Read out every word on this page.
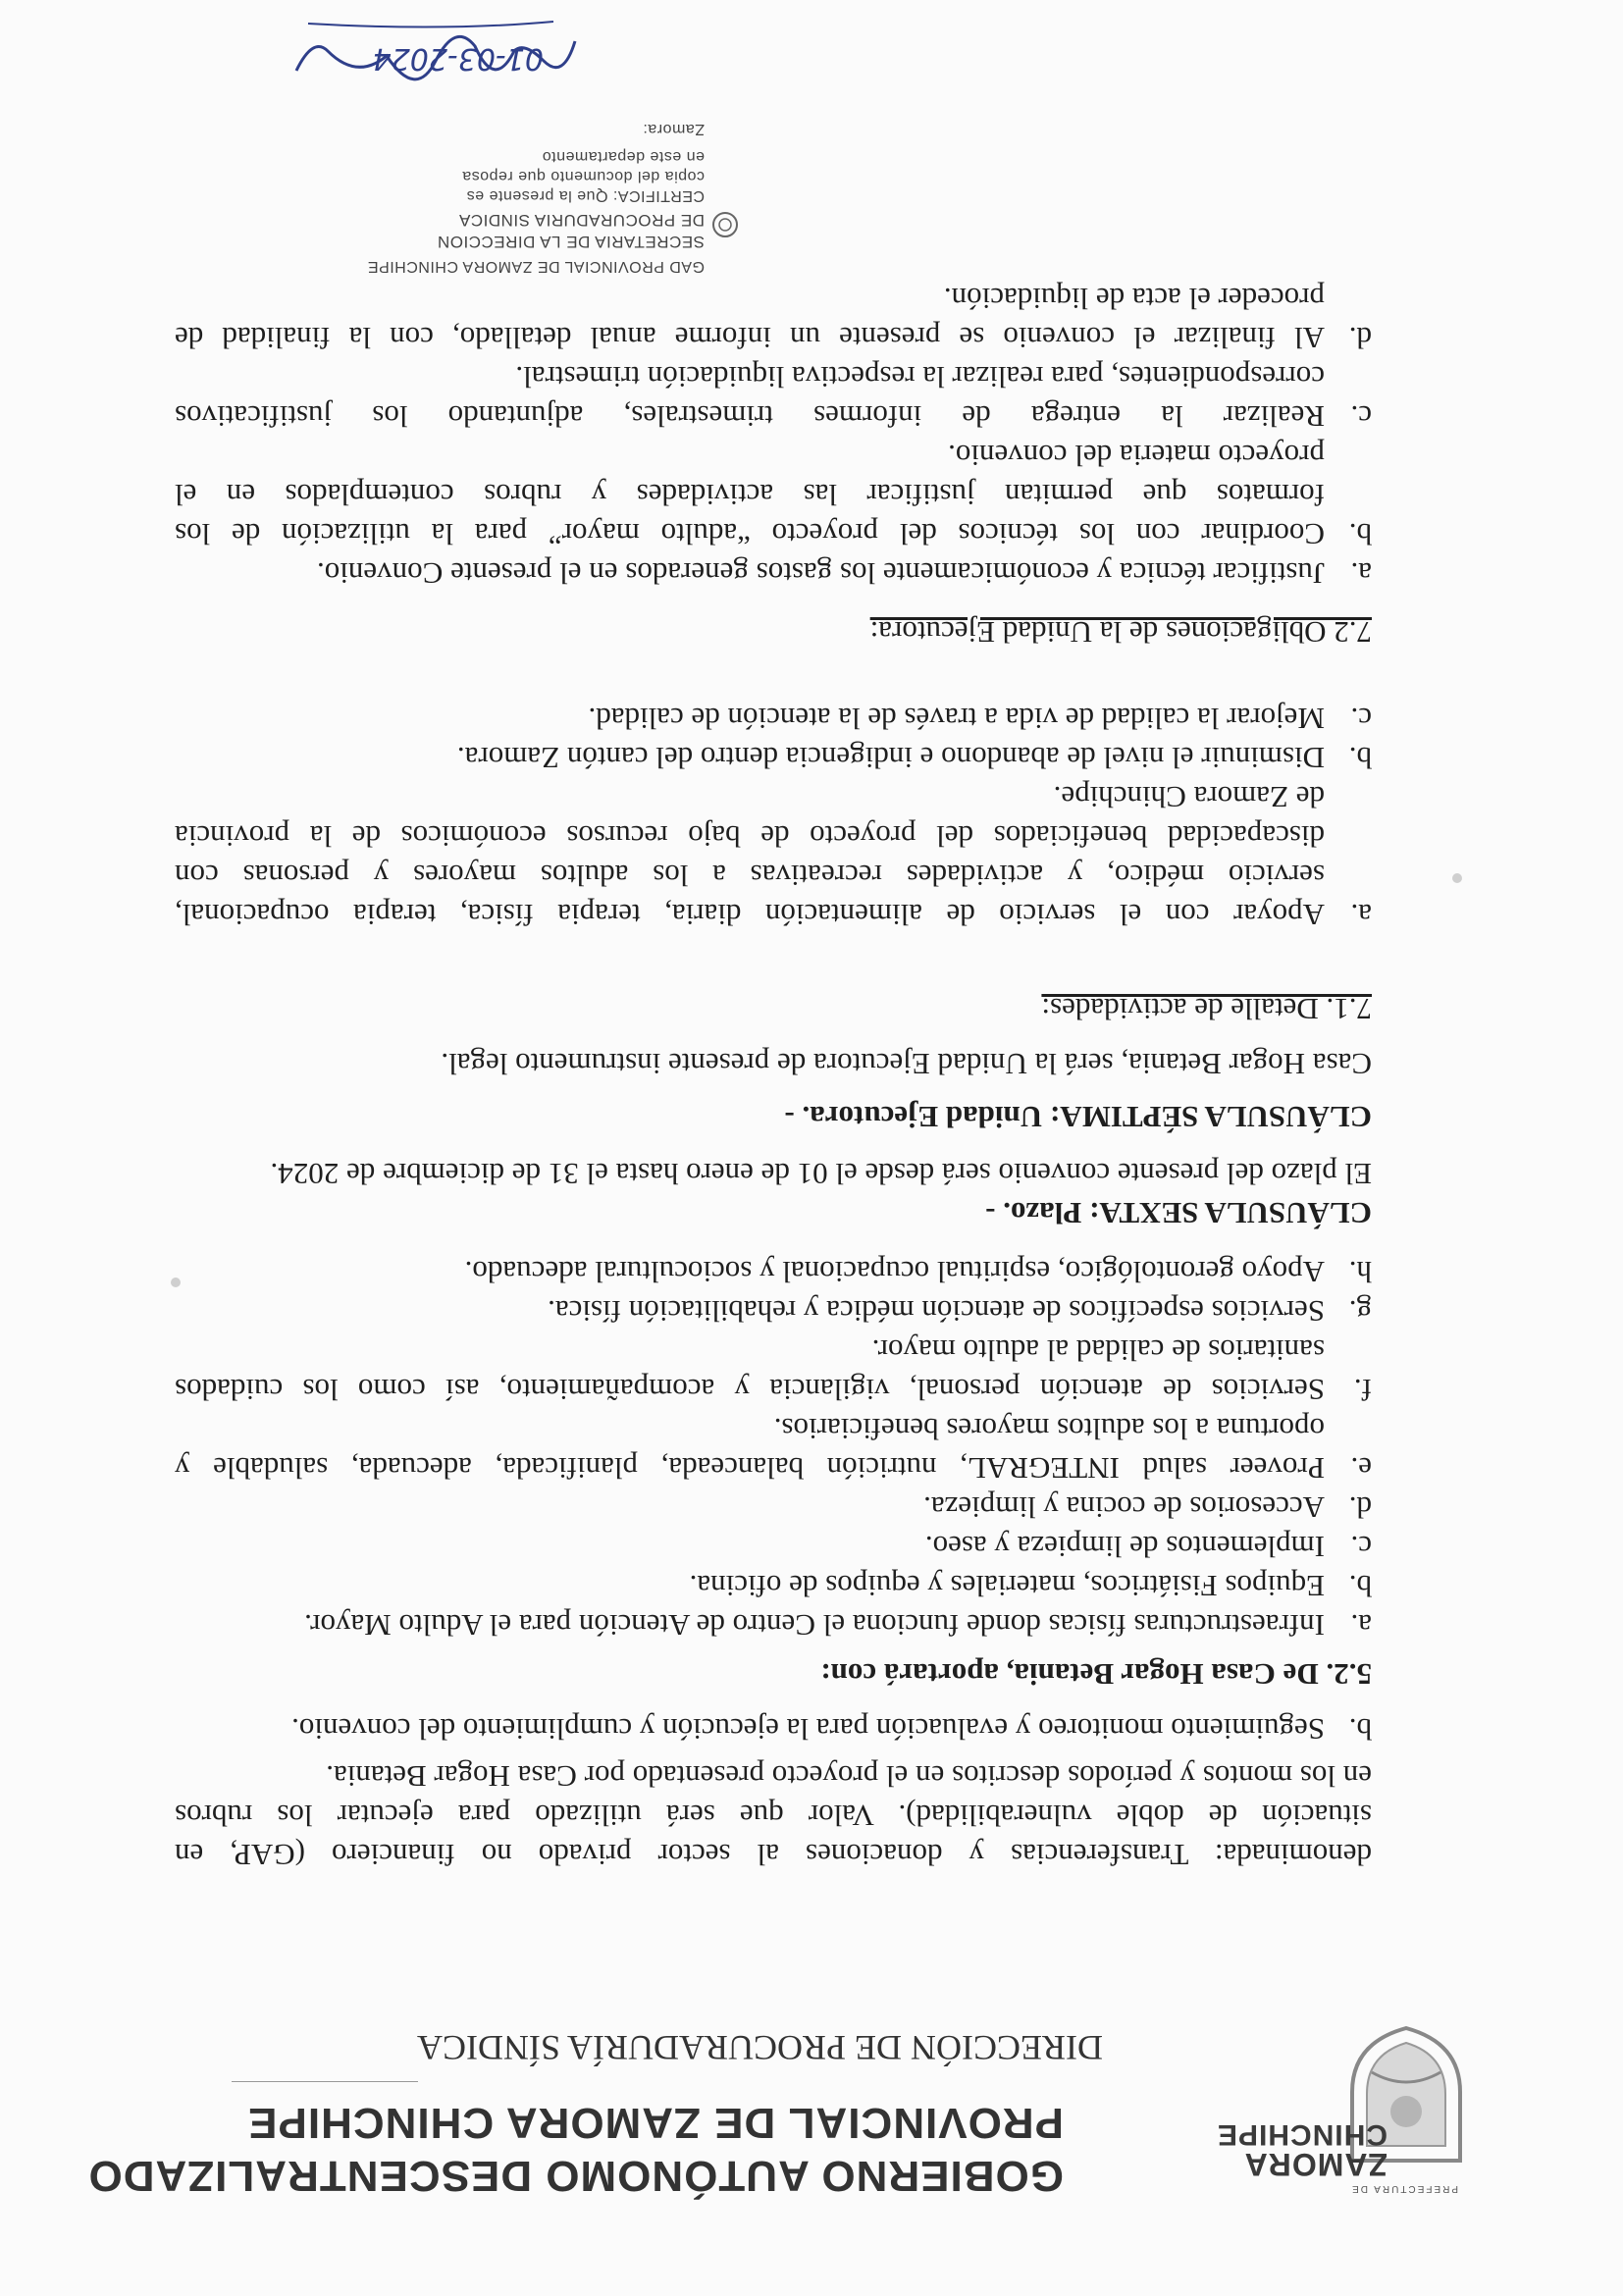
PREFECTURA DE
ZAMORA
CHINCHIPE
GOBIERNO AUTÓNOMO DESCENTRALIZADO
PROVINCIAL DE ZAMORA CHINCHIPE
DIRECCIÓN DE PROCURADURÍA SÍNDICA
denominada: Transferencias y donaciones al sector privado no financiero (GAP, en
situación de doble vulnerabilidad). Valor que será utilizado para ejecutar los rubros
en los montos y períodos descritos en el proyecto presentado por Casa Hogar Betania.
b.
Seguimiento monitoreo y evaluación para la ejecución y cumplimiento del convenio.
5.2. De Casa Hogar Betania, aportará con:
a.
Infraestructuras físicas donde funciona el Centro de Atención para el Adulto Mayor.
b.
Equipos Fisiátricos, materiales y equipos de oficina.
c.
Implementos de limpieza y aseo.
d.
Accesorios de cocina y limpieza.
e.
Proveer salud INTEGRAL, nutrición balanceada, planificada, adecuada, saludable y
oportuna a los adultos mayores beneficiarios.
f.
Servicios de atención personal, vigilancia y acompañamiento, así como los cuidados
sanitarios de calidad al adulto mayor.
g.
Servicios específicos de atención médica y rehabilitación física.
h.
Apoyo gerontológico, espiritual ocupacional y sociocultural adecuado.
CLÁUSULA SEXTA: Plazo. -
El plazo del presente convenio será desde el 01 de enero hasta el 31 de diciembre de 2024.
CLÁUSULA SÉPTIMA: Unidad Ejecutora. -
Casa Hogar Betania, será la Unidad Ejecutora de presente instrumento legal.
7.1. Detalle de actividades:
a.
Apoyar con el servicio de alimentación diaria, terapia física, terapia ocupacional,
servicio médico, y actividades recreativas a los adultos mayores y personas con
discapacidad beneficiados del proyecto de bajo recursos económicos de la provincia
de Zamora Chinchipe.
b.
Disminuir el nivel de abandono e indigencia dentro del cantón Zamora.
c.
Mejorar la calidad de vida a través de la atención de calidad.
7.2 Obligaciones de la Unidad Ejecutora:
a.
Justificar técnica y económicamente los gastos generados en el presente Convenio.
b.
Coordinar con los técnicos del proyecto “adulto mayor” para la utilización de los
formatos que permitan justificar las actividades y rubros contemplados en el
proyecto materia del convenio.
c.
Realizar la entrega de informes trimestrales, adjuntando los justificativos
correspondientes, para realizar la respectiva liquidación trimestral.
d.
Al finalizar el convenio se presente un informe anual detallado, con la finalidad de
proceder el acta de liquidación.
GAD PROVINCIAL DE ZAMORA CHINCHIPE
SECRETARIA DE LA DIRECCION
DE PROCURADURIA SINDICA
CERTIFICA: Que la presente es
copia del documento que reposa
en este departamento
Zamora:
01-03-2024
